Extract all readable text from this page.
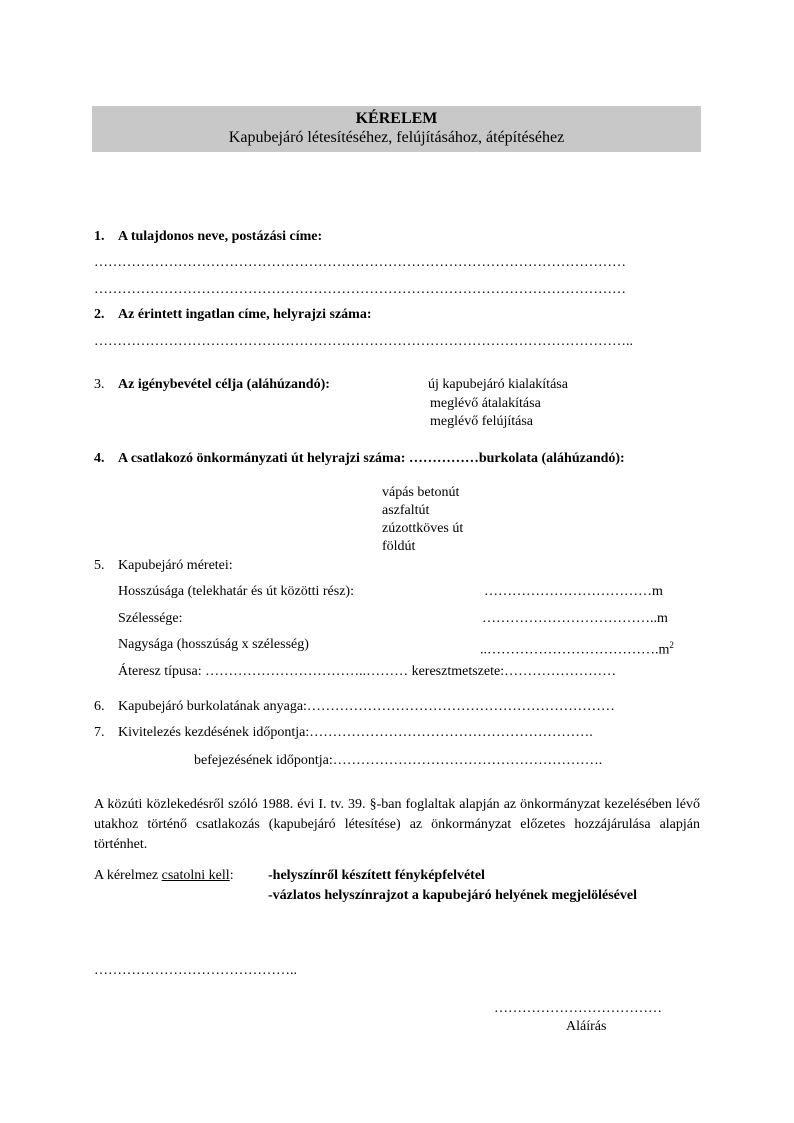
KÉRELEM
Kapubejáró létesítéséhez, felújításához, átépítéséhez
1. A tulajdonos neve, postázási címe:
……………………………………………………………………………………………………
……………………………………………………………………………………………………
2. Az érintett ingatlan címe, helyrajzi száma:
……………………………………………………………………………………………………..
3. Az igénybevétel célja (aláhúzandó):	új kapubejáró kialakítása
meglévő átalakítása
meglévő felújítása
4. A csatlakozó önkormányzati út helyrajzi száma: ……………burkolata (aláhúzandó):
vápás betonút
aszfaltút
zúzottköves út
földút
5. Kapubejáró méretei:
Hosszúsága (telekhatár és út közötti rész):	………………………………m
Szélessége:	………………………………..m
Nagysága (hosszúság x szélesség)	$..\dots\dots\dots\dots\dots\dots\dots\dots\dots\dots\dots\dots.m^2$
Áteresz típusa: ……………………………..……… keresztmetszete:……………………
6. Kapubejáró burkolatának anyaga:…………………………………………………………
7. Kivitelezés kezdésének időpontja:…………………………………………………….
befejezésének időpontja:………………………………………………….
A közúti közlekedésről szóló 1988. évi I. tv. 39. §-ban foglaltak alapján az önkormányzat kezelésében lévő utakhoz történő csatlakozás (kapubejáró létesítése) az önkormányzat előzetes hozzájárulása alapján történhet.
A kérelmez csatolni kell: -helyszínről készített fényképfelvétel
-vázlatos helyszínrajzot a kapubejáró helyének megjelölésével
……………………………………..
………………………………
Aláírás
